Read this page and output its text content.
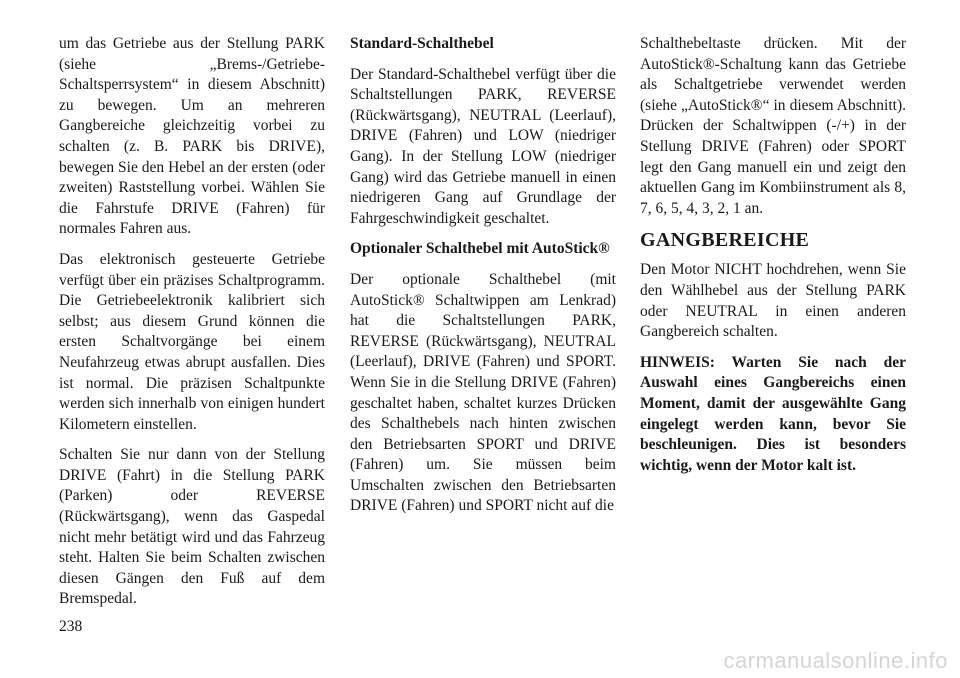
um das Getriebe aus der Stellung PARK (siehe „Brems-/Getriebe-Schaltsperrsystem“ in diesem Abschnitt) zu bewegen. Um an mehreren Gangbereiche gleichzeitig vorbei zu schalten (z. B. PARK bis DRIVE), bewegen Sie den Hebel an der ersten (oder zweiten) Raststellung vorbei. Wählen Sie die Fahrstufe DRIVE (Fahren) für normales Fahren aus.

Das elektronisch gesteuerte Getriebe verfügt über ein präzises Schaltprogramm. Die Getriebeelektronik kalibriert sich selbst; aus diesem Grund können die ersten Schaltvorgänge bei einem Neufahrzeug etwas abrupt ausfallen. Dies ist normal. Die präzisen Schaltpunkte werden sich innerhalb von einigen hundert Kilometern einstellen.

Schalten Sie nur dann von der Stellung DRIVE (Fahrt) in die Stellung PARK (Parken) oder REVERSE (Rückwärtsgang), wenn das Gaspedal nicht mehr betätigt wird und das Fahrzeug steht. Halten Sie beim Schalten zwischen diesen Gängen den Fuß auf dem Bremspedal.

Standard-Schalthebel

Der Standard-Schalthebel verfügt über die Schaltstellungen PARK, REVERSE (Rückwärtsgang), NEUTRAL (Leerlauf), DRIVE (Fahren) und LOW (niedriger Gang). In der Stellung LOW (niedriger Gang) wird das Getriebe manuell in einen niedrigeren Gang auf Grundlage der Fahrgeschwindigkeit geschaltet.

Optionaler Schalthebel mit AutoStick®

Der optionale Schalthebel (mit AutoStick® Schaltwippen am Lenkrad) hat die Schaltstellungen PARK, REVERSE (Rückwärtsgang), NEUTRAL (Leerlauf), DRIVE (Fahren) und SPORT. Wenn Sie in die Stellung DRIVE (Fahren) geschaltet haben, schaltet kurzes Drücken des Schalthebels nach hinten zwischen den Betriebsarten SPORT und DRIVE (Fahren) um. Sie müssen beim Umschalten zwischen den Betriebsarten DRIVE (Fahren) und SPORT nicht auf die

Schalthebeltaste drücken. Mit der AutoStick®-Schaltung kann das Getriebe als Schaltgetriebe verwendet werden (siehe „AutoStick®“ in diesem Abschnitt). Drücken der Schaltwippen (-/+) in der Stellung DRIVE (Fahren) oder SPORT legt den Gang manuell ein und zeigt den aktuellen Gang im Kombiinstrument als 8, 7, 6, 5, 4, 3, 2, 1 an.

GANGBEREICHE

Den Motor NICHT hochdrehen, wenn Sie den Wählhebel aus der Stellung PARK oder NEUTRAL in einen anderen Gangbereich schalten.

HINWEIS: Warten Sie nach der Auswahl eines Gangbereichs einen Moment, damit der ausgewählte Gang eingelegt werden kann, bevor Sie beschleunigen. Dies ist besonders wichtig, wenn der Motor kalt ist.

238
carmanualsonline.info
